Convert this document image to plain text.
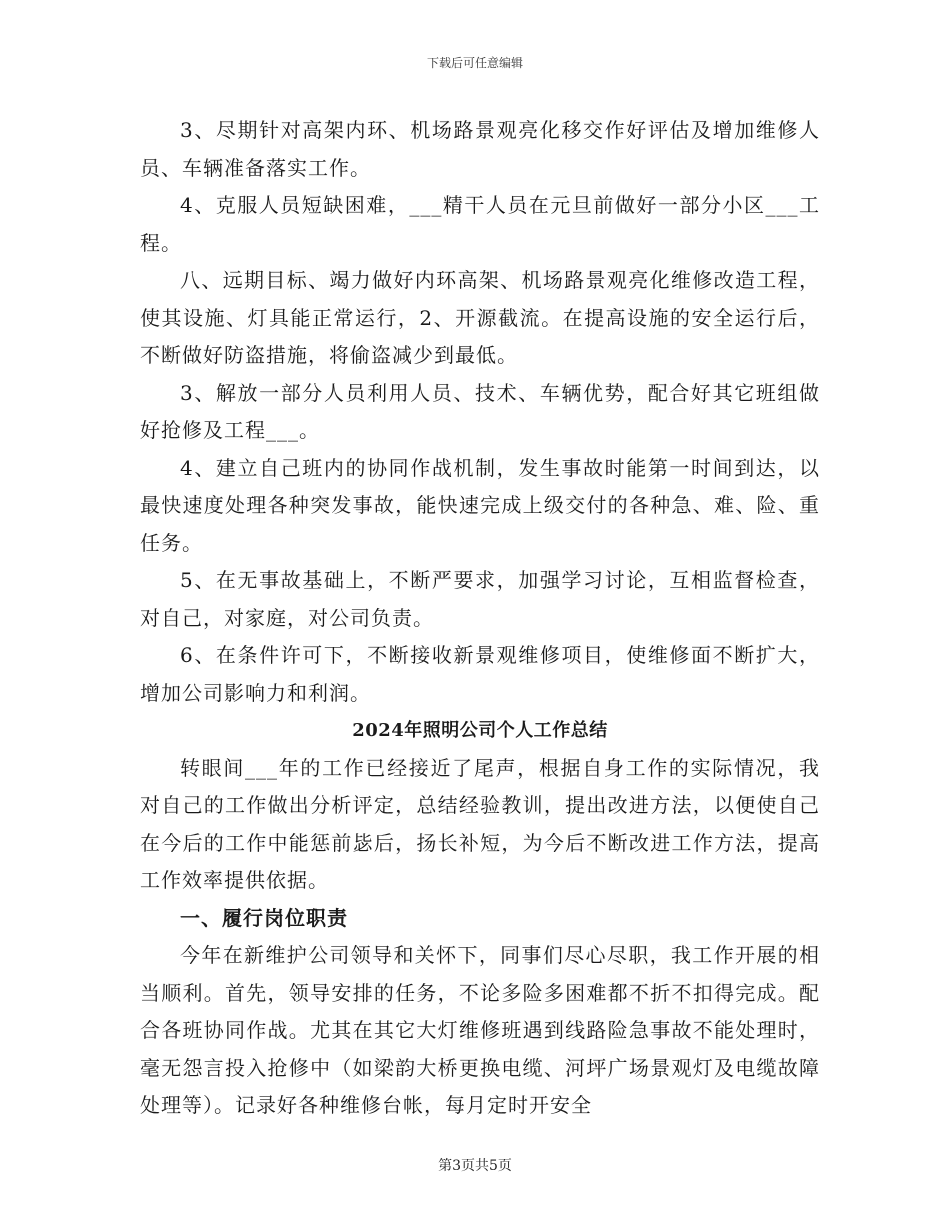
下载后可任意编辑

3、尽期针对高架内环、机场路景观亮化移交作好评估及增加维修人员、车辆准备落实工作。

4、克服人员短缺困难，___精干人员在元旦前做好一部分小区___工程。

八、远期目标、竭力做好内环高架、机场路景观亮化维修改造工程，使其设施、灯具能正常运行，2、开源截流。在提高设施的安全运行后，不断做好防盗措施，将偷盗减少到最低。

3、解放一部分人员利用人员、技术、车辆优势，配合好其它班组做好抢修及工程___。

4、建立自己班内的协同作战机制，发生事故时能第一时间到达，以最快速度处理各种突发事故，能快速完成上级交付的各种急、难、险、重任务。

5、在无事故基础上，不断严要求，加强学习讨论，互相监督检查，对自己，对家庭，对公司负责。

6、在条件许可下，不断接收新景观维修项目，使维修面不断扩大，增加公司影响力和利润。

2024年照明公司个人工作总结

转眼间___年的工作已经接近了尾声，根据自身工作的实际情况，我对自己的工作做出分析评定，总结经验教训，提出改进方法，以便使自己在今后的工作中能惩前毖后，扬长补短，为今后不断改进工作方法，提高工作效率提供依据。

一、履行岗位职责

今年在新维护公司领导和关怀下，同事们尽心尽职，我工作开展的相当顺利。首先，领导安排的任务，不论多险多困难都不折不扣得完成。配合各班协同作战。尤其在其它大灯维修班遇到线路险急事故不能处理时，毫无怨言投入抢修中（如梁韵大桥更换电缆、河坪广场景观灯及电缆故障处理等）。记录好各种维修台帐，每月定时开安全

第3页共5页
